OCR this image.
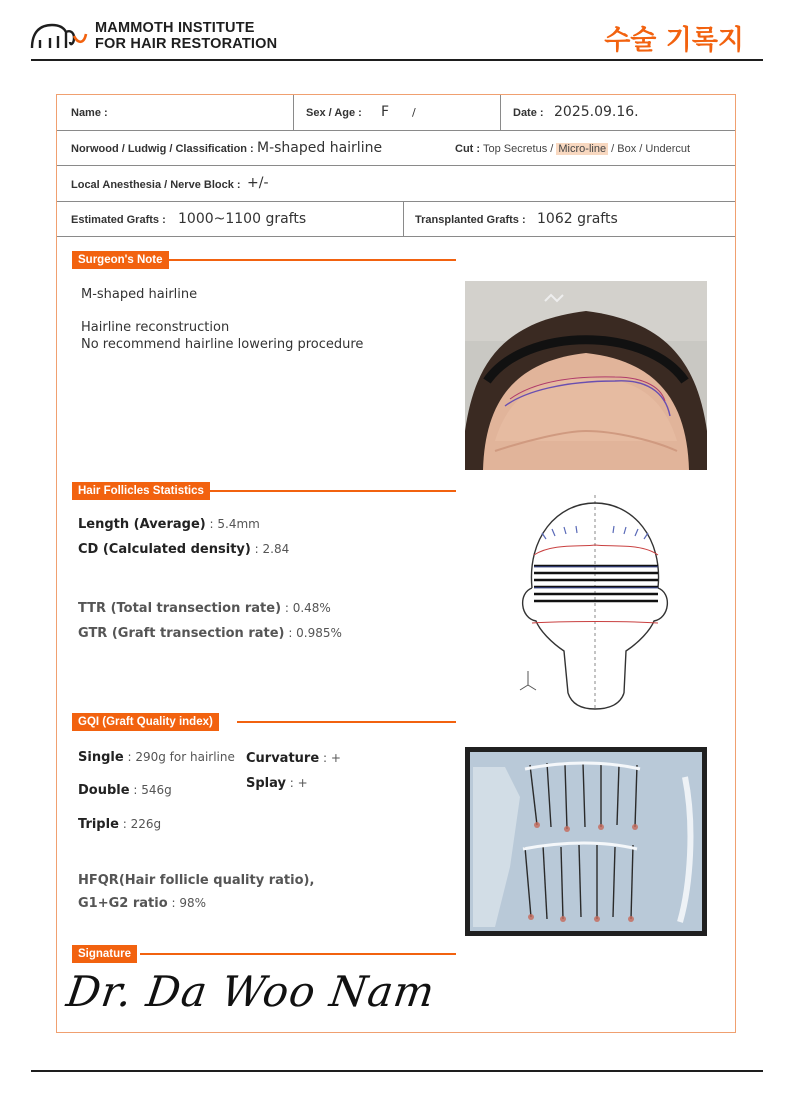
MAMMOTH INSTITUTE
FOR HAIR RESTORATION	수술 기록지
Name :	Sex / Age : F /	Date : 2025.09.16.
Norwood / Ludwig / Classification : M-shaped hairline	Cut : Top Secretus / Micro-line / Box / Undercut
Local Anesthesia / Nerve Block : +/-
Estimated Grafts : 1000~1100 grafts	Transplanted Grafts : 1062 grafts
Surgeon's Note
M-shaped hairline
Hairline reconstruction
No recommend hairline lowering procedure
Hair Follicles Statistics
Length (Average) : 5.4mm
CD (Calculated density) : 2.84
TTR (Total transection rate) : 0.48%
GTR (Graft transection rate) : 0.985%
GQI (Graft Quality index)
Single : 290g for hairline
Double : 546g
Triple : 226g
Curvature : +
Splay : +
HFQR(Hair follicle quality ratio),
G1+G2 ratio : 98%
Signature
Dr. Da Woo Nam
